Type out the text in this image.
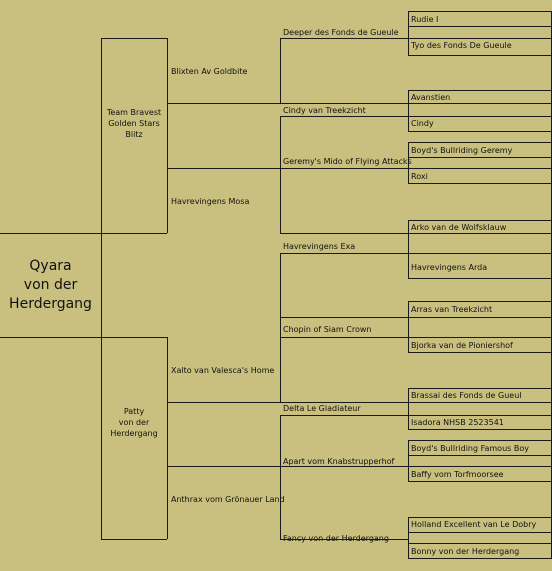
Qyara
von der
Herdergang
Team Bravest
Golden Stars
Blitz
Patty
von der
Herdergang
Blixten Av Goldbite
Havrevingens Mosa
Xalto van Valesca's Home
Anthrax vom Grönauer Land
Deeper des Fonds de Gueule
Cindy van Treekzicht
Geremy's Mido of Flying Attacks
Havrevingens Exa
Chopin of Siam Crown
Delta Le Gladiateur
Apart vom Knabstrupperhof
Fancy von der Herdergang
Rudie I
Tyo des Fonds De Gueule
Avanstien
Cindy
Boyd's Bullriding Geremy
Roxi
Arko van de Wolfsklauw
Havrevingens Arda
Arras van Treekzicht
Bjorka van de Pioniershof
Brassai des Fonds de Gueul
Isadora NHSB 2523541
Boyd's Bullriding Famous Boy
Baffy vom Torfmoorsee
Holland Excellent van Le Dobry
Bonny von der Herdergang
